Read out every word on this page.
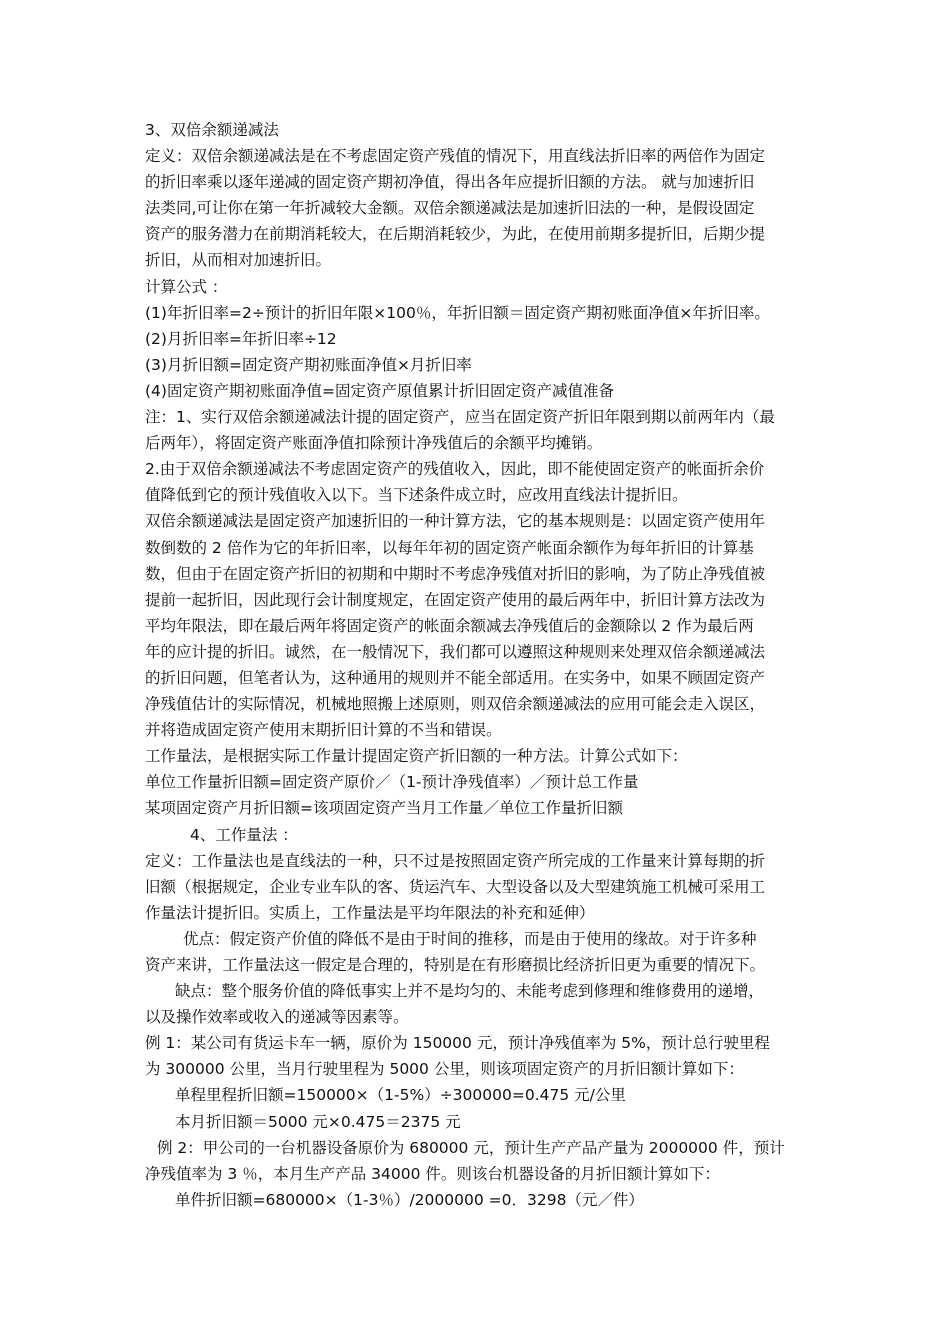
3、双倍余额递减法
定义：双倍余额递减法是在不考虑固定资产残值的情况下，用直线法折旧率的两倍作为固定
的折旧率乘以逐年递减的固定资产期初净值，得出各年应提折旧额的方法。 就与加速折旧
法类同,可让你在第一年折减较大金额。双倍余额递减法是加速折旧法的一种，是假设固定
资产的服务潜力在前期消耗较大，在后期消耗较少，为此，在使用前期多提折旧，后期少提
折旧，从而相对加速折旧。
计算公式 ：
(1)年折旧率=2÷预计的折旧年限×100％，年折旧额＝固定资产期初账面净值×年折旧率。
(2)月折旧率=年折旧率÷12
(3)月折旧额=固定资产期初账面净值×月折旧率
(4)固定资产期初账面净值=固定资产原值累计折旧固定资产减值准备
注：1、实行双倍余额递减法计提的固定资产，应当在固定资产折旧年限到期以前两年内（最
后两年），将固定资产账面净值扣除预计净残值后的余额平均摊销。
2.由于双倍余额递减法不考虑固定资产的残值收入，因此，即不能使固定资产的帐面折余价
值降低到它的预计残值收入以下。当下述条件成立时，应改用直线法计提折旧。
双倍余额递减法是固定资产加速折旧的一种计算方法，它的基本规则是：以固定资产使用年
数倒数的 2 倍作为它的年折旧率，以每年年初的固定资产帐面余额作为每年折旧的计算基
数，但由于在固定资产折旧的初期和中期时不考虑净残值对折旧的影响，为了防止净残值被
提前一起折旧，因此现行会计制度规定，在固定资产使用的最后两年中，折旧计算方法改为
平均年限法，即在最后两年将固定资产的帐面余额减去净残值后的金额除以 2 作为最后两
年的应计提的折旧。诚然，在一般情况下，我们都可以遵照这种规则来处理双倍余额递减法
的折旧问题，但笔者认为，这种通用的规则并不能全部适用。在实务中，如果不顾固定资产
净残值估计的实际情况，机械地照搬上述原则，则双倍余额递减法的应用可能会走入误区，
并将造成固定资产使用末期折旧计算的不当和错误。
工作量法，是根据实际工作量计提固定资产折旧额的一种方法。计算公式如下：
单位工作量折旧额=固定资产原价／（1-预计净残值率）／预计总工作量
某项固定资产月折旧额=该项固定资产当月工作量／单位工作量折旧额
4、工作量法 ：
定义：工作量法也是直线法的一种，只不过是按照固定资产所完成的工作量来计算每期的折
旧额（根据规定，企业专业车队的客、货运汽车、大型设备以及大型建筑施工机械可采用工
作量法计提折旧。实质上，工作量法是平均年限法的补充和延伸）
优点：假定资产价值的降低不是由于时间的推移，而是由于使用的缘故。对于许多种
资产来讲，工作量法这一假定是合理的，特别是在有形磨损比经济折旧更为重要的情况下。
缺点：整个服务价值的降低事实上并不是均匀的、未能考虑到修理和维修费用的递增，
以及操作效率或收入的递减等因素等。
例 1：某公司有货运卡车一辆，原价为 150000 元，预计净残值率为 5%，预计总行驶里程
为 300000 公里，当月行驶里程为 5000 公里，则该项固定资产的月折旧额计算如下：
单程里程折旧额=150000×（1-5%）÷300000=0.475 元/公里
本月折旧额＝5000 元×0.475＝2375 元
例 2：甲公司的一台机器设备原价为 680000 元，预计生产产品产量为 2000000 件，预计
净残值率为 3 ％，本月生产产品 34000 件。则该台机器设备的月折旧额计算如下：
单件折旧额=680000×（1-3％）/2000000 =0．3298（元／件）
